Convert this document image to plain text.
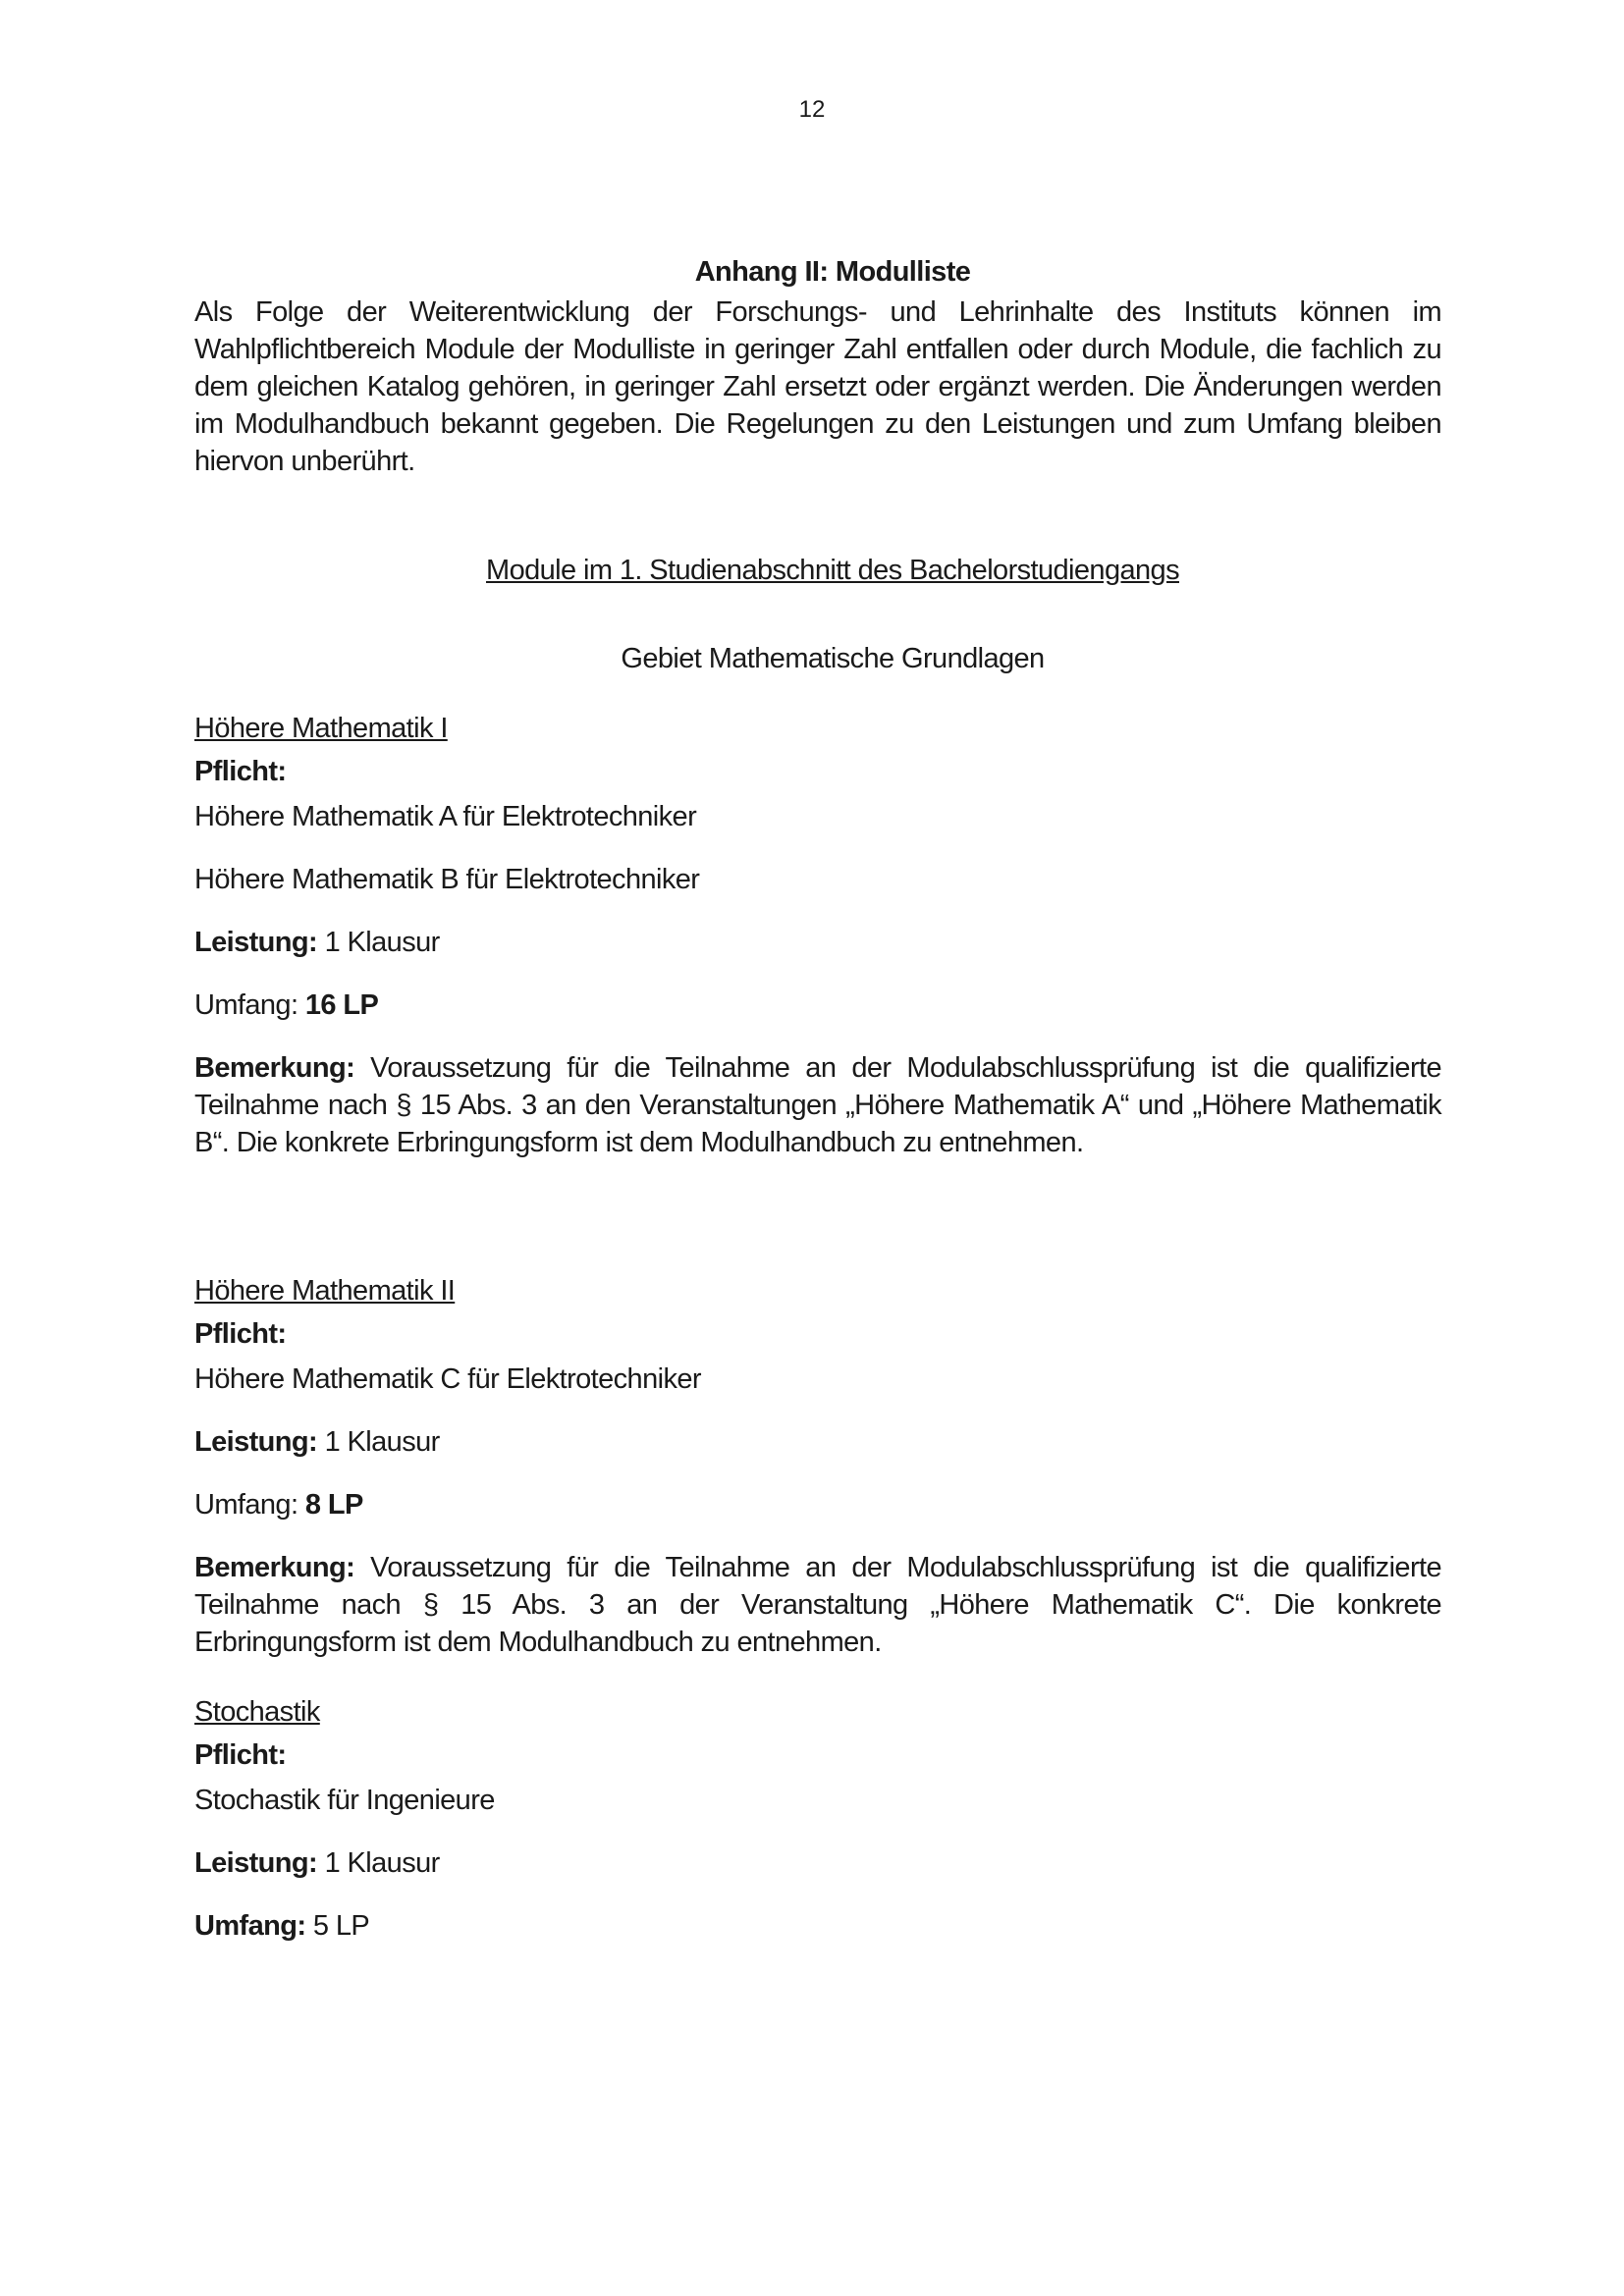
12

Anhang II: Modulliste

Als Folge der Weiterentwicklung der Forschungs- und Lehrinhalte des Instituts können im Wahlpflichtbereich Module der Modulliste in geringer Zahl entfallen oder durch Module, die fachlich zu dem gleichen Katalog gehören, in geringer Zahl ersetzt oder ergänzt werden. Die Änderungen werden im Modulhandbuch bekannt gegeben. Die Regelungen zu den Leistungen und zum Umfang bleiben hiervon unberührt.

Module im 1. Studienabschnitt des Bachelorstudiengangs

Gebiet Mathematische Grundlagen

Höhere Mathematik I

Pflicht:

Höhere Mathematik A für Elektrotechniker

Höhere Mathematik B für Elektrotechniker

Leistung: 1 Klausur

Umfang: 16 LP

Bemerkung: Voraussetzung für die Teilnahme an der Modulabschlussprüfung ist die qualifizierte Teilnahme nach § 15 Abs. 3 an den Veranstaltungen „Höhere Mathematik A“ und „Höhere Mathematik B“. Die konkrete Erbringungsform ist dem Modulhandbuch zu entnehmen.

Höhere Mathematik II

Pflicht:

Höhere Mathematik C für Elektrotechniker

Leistung: 1 Klausur

Umfang: 8 LP

Bemerkung: Voraussetzung für die Teilnahme an der Modulabschlussprüfung ist die qualifizierte Teilnahme nach § 15 Abs. 3 an der Veranstaltung „Höhere Mathematik C“. Die konkrete Erbringungsform ist dem Modulhandbuch zu entnehmen.

Stochastik

Pflicht:

Stochastik für Ingenieure

Leistung: 1 Klausur

Umfang: 5 LP
